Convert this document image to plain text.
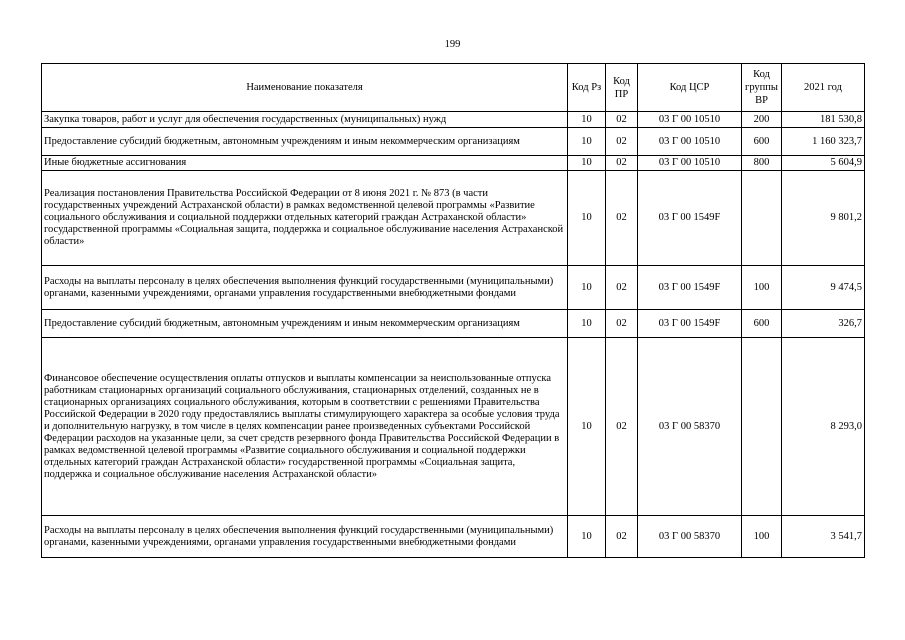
199
Наименование показателя	Код Рз	Код ПР	Код ЦСР	Код группы ВР	2021 год
Закупка товаров, работ и услуг для обеспечения государственных (муниципальных) нужд	10	02	03 Г 00 10510	200	181 530,8
Предоставление субсидий бюджетным, автономным учреждениям и иным некоммерческим организациям	10	02	03 Г 00 10510	600	1 160 323,7
Иные бюджетные ассигнования	10	02	03 Г 00 10510	800	5 604,9
Реализация постановления Правительства Российской Федерации от 8 июня 2021 г. № 873 (в части государственных учреждений Астраханской области) в рамках ведомственной целевой программы «Развитие социального обслуживания и социальной поддержки отдельных категорий граждан Астраханской области» государственной программы «Социальная защита, поддержка и социальное обслуживание населения Астраханской области»	10	02	03 Г 00 1549F		9 801,2
Расходы на выплаты персоналу в целях обеспечения выполнения функций государственными (муниципальными) органами, казенными учреждениями, органами управления государственными внебюджетными фондами	10	02	03 Г 00 1549F	100	9 474,5
Предоставление субсидий бюджетным, автономным учреждениям и иным некоммерческим организациям	10	02	03 Г 00 1549F	600	326,7
Финансовое обеспечение осуществления оплаты отпусков и выплаты компенсации за неиспользованные отпуска работникам стационарных организаций социального обслуживания, стационарных отделений, созданных не в стационарных организациях социального обслуживания, которым в соответствии с решениями Правительства Российской Федерации в 2020 году предоставлялись выплаты стимулирующего характера за особые условия труда и дополнительную нагрузку, в том числе в целях компенсации ранее произведенных субъектами Российской Федерации расходов на указанные цели, за счет средств резервного фонда Правительства Российской Федерации в рамках ведомственной целевой программы «Развитие социального обслуживания и социальной поддержки отдельных категорий граждан Астраханской области» государственной программы «Социальная защита, поддержка и социальное обслуживание населения Астраханской области»	10	02	03 Г 00 58370		8 293,0
Расходы на выплаты персоналу в целях обеспечения выполнения функций государственными (муниципальными) органами, казенными учреждениями, органами управления государственными внебюджетными фондами	10	02	03 Г 00 58370	100	3 541,7
